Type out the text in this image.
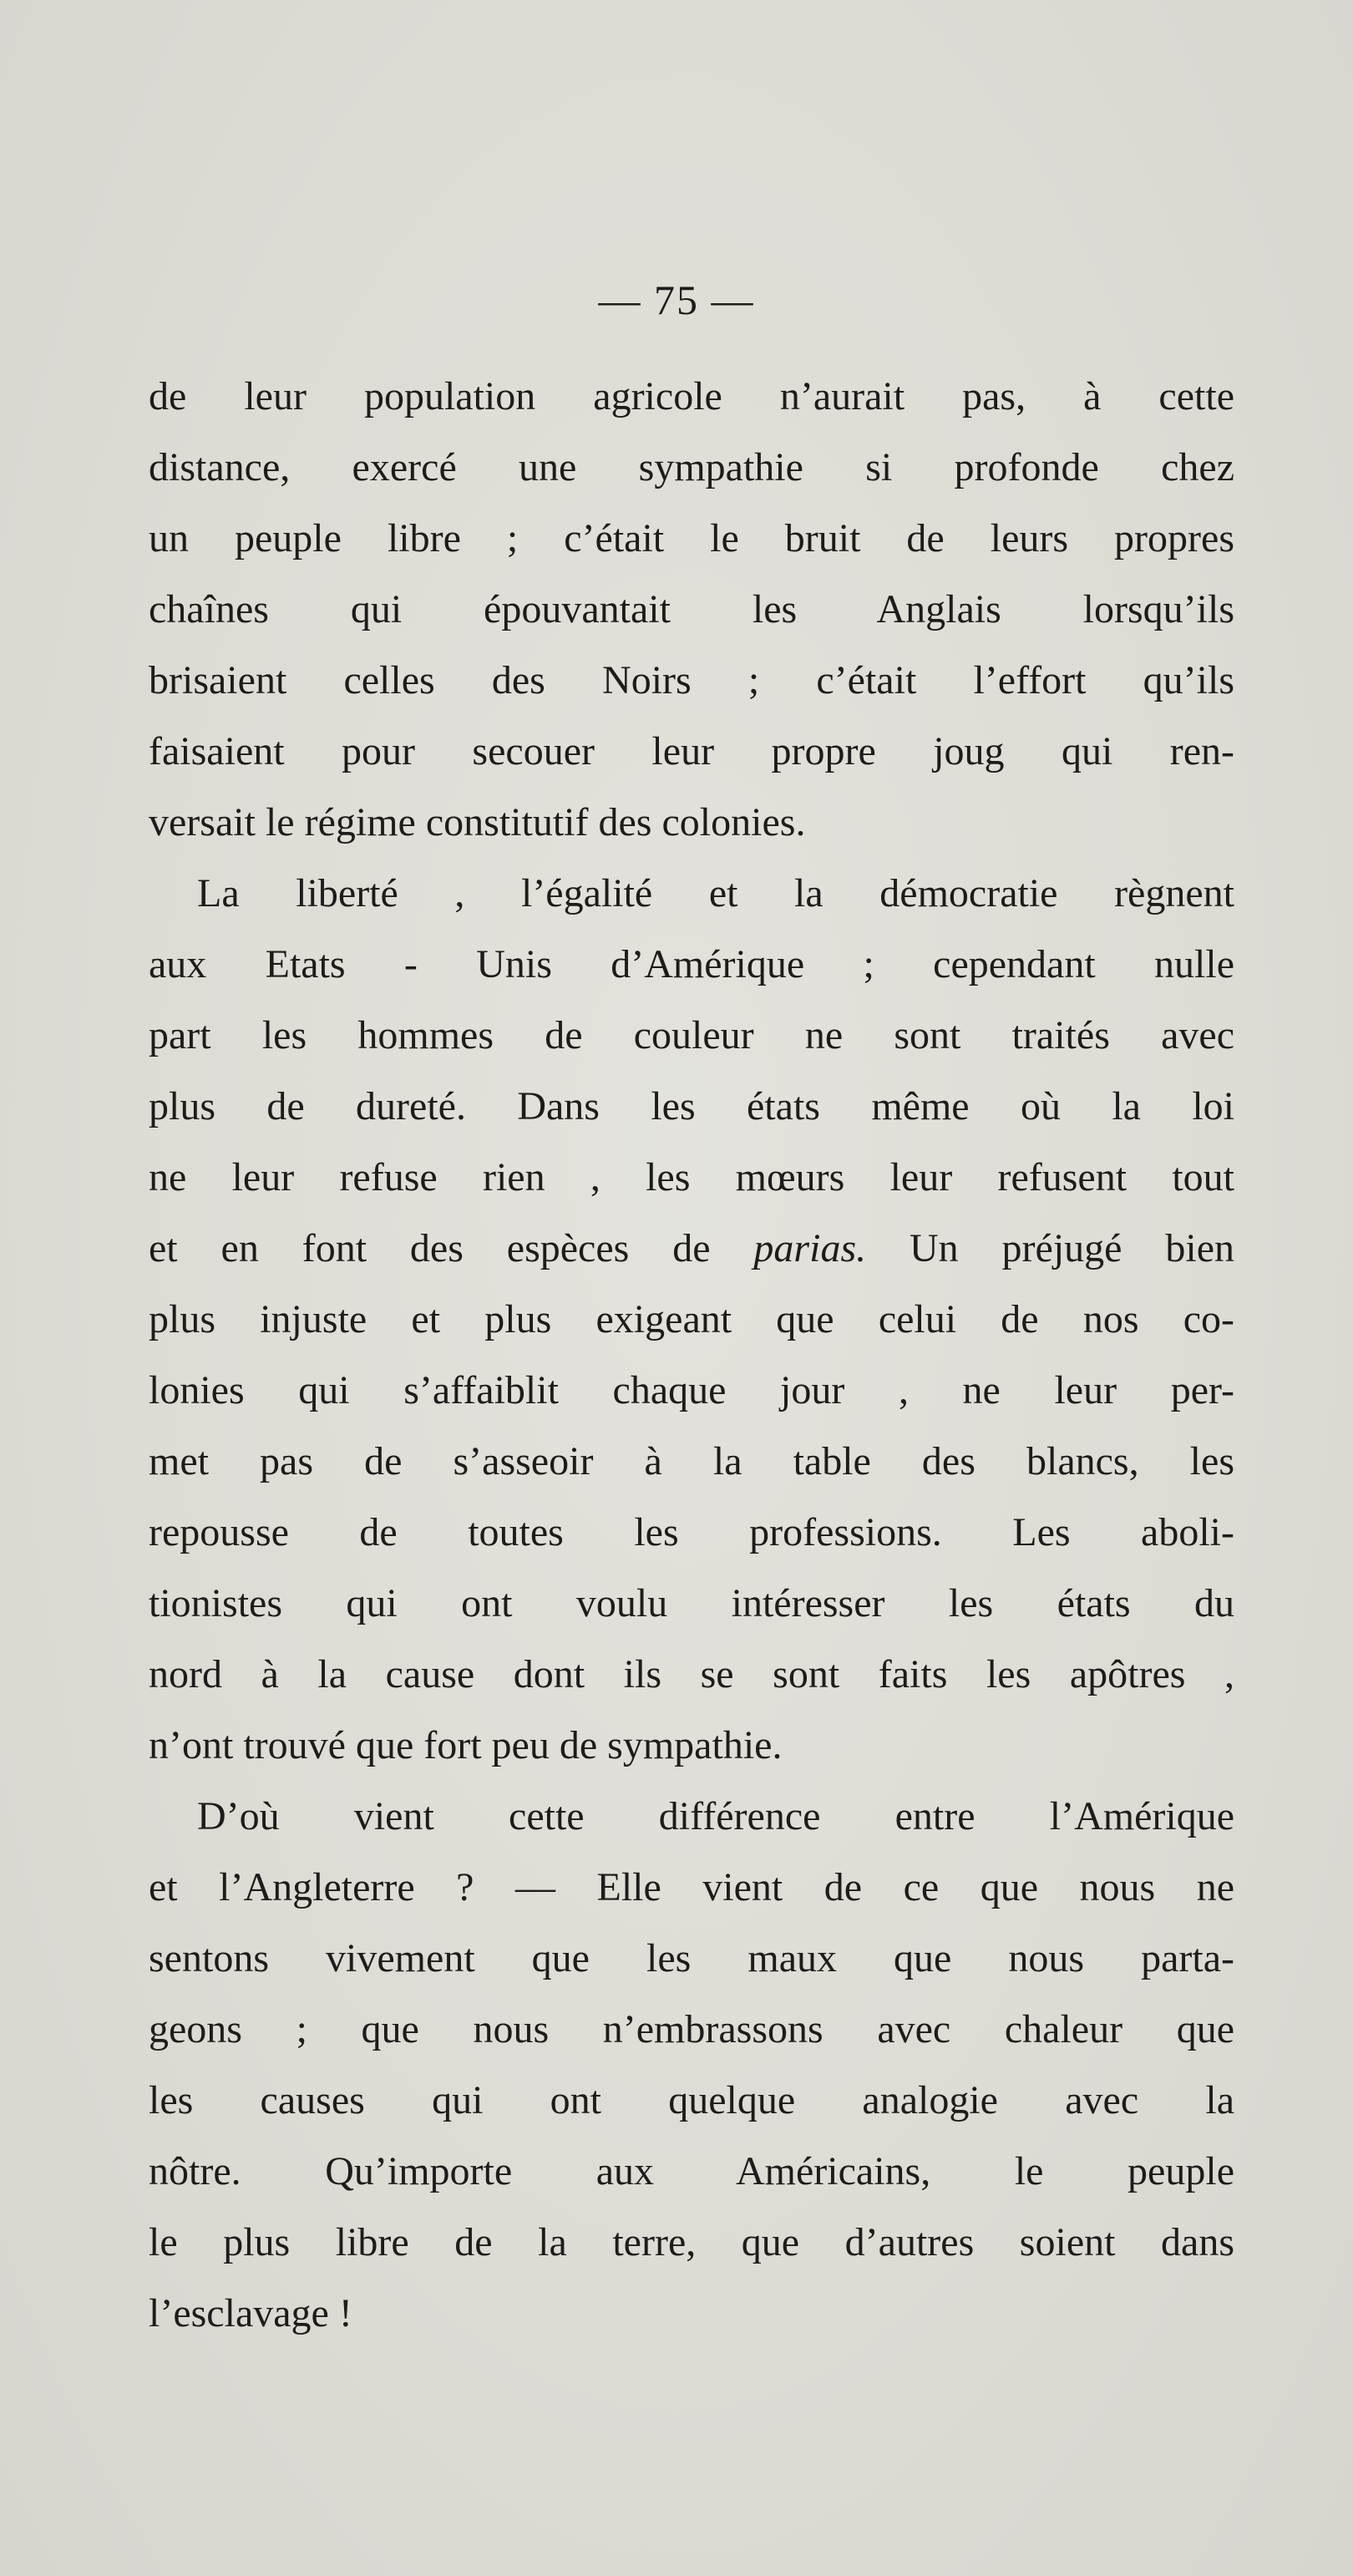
— 75 —
de leur population agricole n’aurait pas, à cette
distance, exercé une sympathie si profonde chez
un peuple libre ; c’était le bruit de leurs propres
chaînes qui épouvantait les Anglais lorsqu’ils
brisaient celles des Noirs ; c’était l’effort qu’ils
faisaient pour secouer leur propre joug qui ren-
versait le régime constitutif des colonies.
La liberté , l’égalité et la démocratie règnent
aux Etats - Unis d’Amérique ; cependant nulle
part les hommes de couleur ne sont traités avec
plus de dureté. Dans les états même où la loi
ne leur refuse rien , les mœurs leur refusent tout
et en font des espèces de parias. Un préjugé bien
plus injuste et plus exigeant que celui de nos co-
lonies qui s’affaiblit chaque jour , ne leur per-
met pas de s’asseoir à la table des blancs, les
repousse de toutes les professions. Les aboli-
tionistes qui ont voulu intéresser les états du
nord à la cause dont ils se sont faits les apôtres ,
n’ont trouvé que fort peu de sympathie.
D’où vient cette différence entre l’Amérique
et l’Angleterre ? — Elle vient de ce que nous ne
sentons vivement que les maux que nous parta-
geons ; que nous n’embrassons avec chaleur que
les causes qui ont quelque analogie avec la
nôtre. Qu’importe aux Américains, le peuple
le plus libre de la terre, que d’autres soient dans
l’esclavage !
